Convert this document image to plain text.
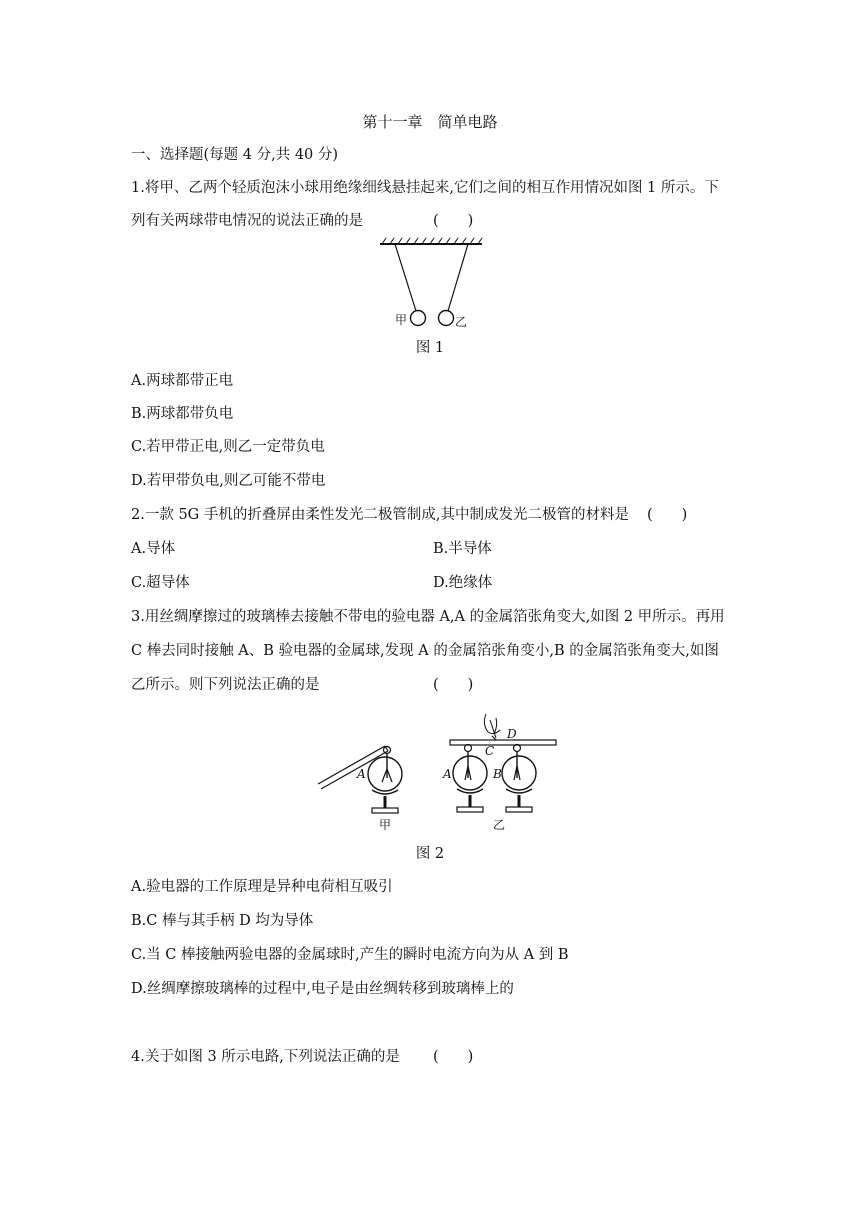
第十一章　简单电路
一、选择题(每题 4 分,共 40 分)
1.将甲、乙两个轻质泡沫小球用绝缘细线悬挂起来,它们之间的相互作用情况如图 1 所示。下
列有关两球带电情况的说法正确的是	(　　)
甲	乙
图 1
A.两球都带正电
B.两球都带负电
C.若甲带正电,则乙一定带负电
D.若甲带负电,则乙可能不带电
2.一款 5G 手机的折叠屏由柔性发光二极管制成,其中制成发光二极管的材料是 (　　)
A.导体	B.半导体
C.超导体	D.绝缘体
3.用丝绸摩擦过的玻璃棒去接触不带电的验电器 A,A 的金属箔张角变大,如图 2 甲所示。再用
C 棒去同时接触 A、B 验电器的金属球,发现 A 的金属箔张角变小,B 的金属箔张角变大,如图
乙所示。则下列说法正确的是	(　　)
A	A	B
C
D
甲	乙
图 2
A.验电器的工作原理是异种电荷相互吸引
B.C 棒与其手柄 D 均为导体
C.当 C 棒接触两验电器的金属球时,产生的瞬时电流方向为从 A 到 B
D.丝绸摩擦玻璃棒的过程中,电子是由丝绸转移到玻璃棒上的
4.关于如图 3 所示电路,下列说法正确的是 (　　)
